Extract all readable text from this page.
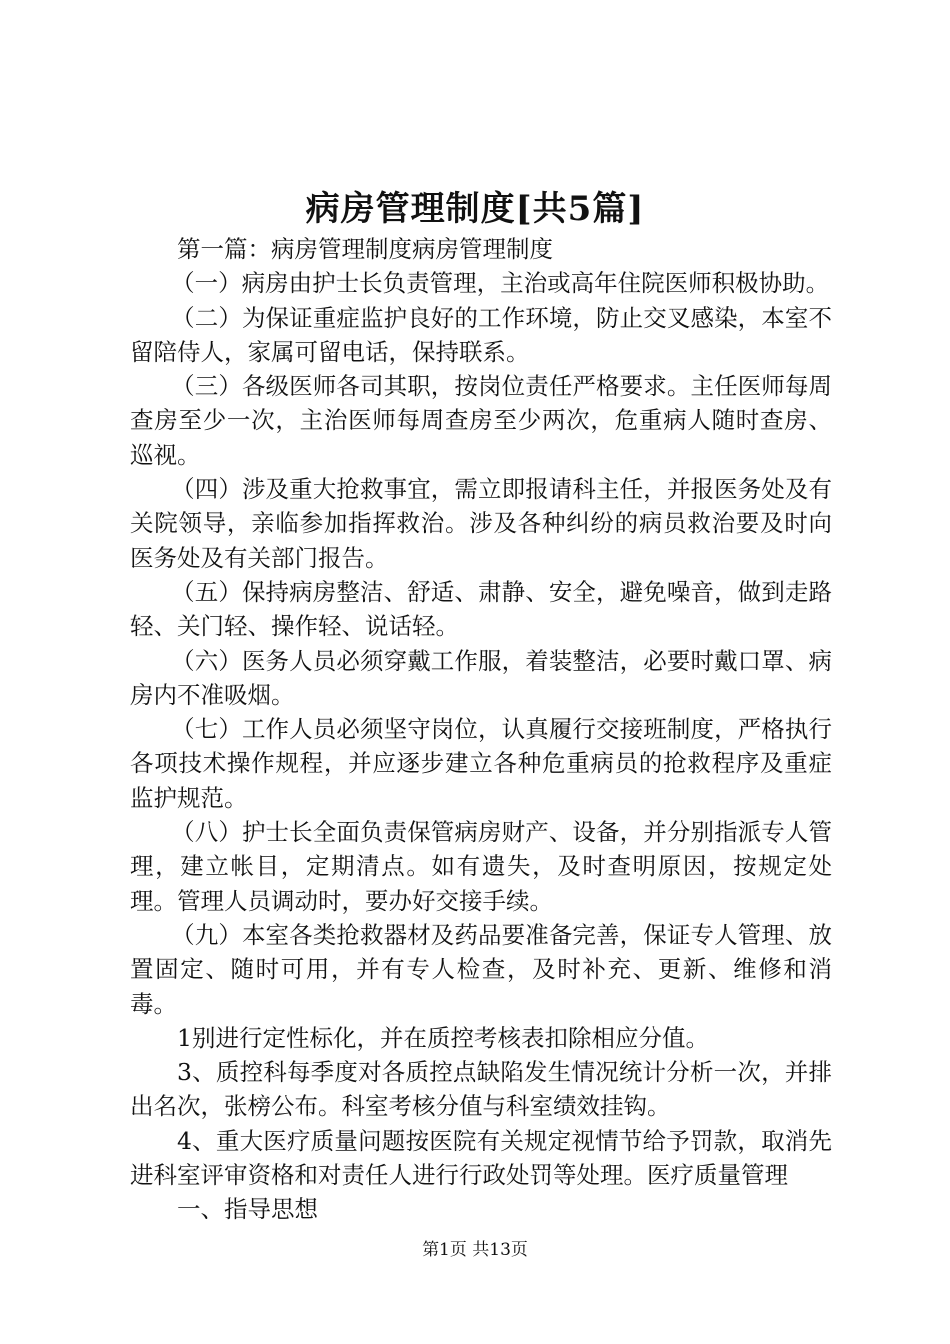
病房管理制度[共5篇]

第一篇：病房管理制度病房管理制度

（一）病房由护士长负责管理，主治或高年住院医师积极协助。

（二）为保证重症监护良好的工作环境，防止交叉感染，本室不留陪侍人，家属可留电话，保持联系。

（三）各级医师各司其职，按岗位责任严格要求。主任医师每周查房至少一次，主治医师每周查房至少两次，危重病人随时查房、巡视。

（四）涉及重大抢救事宜，需立即报请科主任，并报医务处及有关院领导，亲临参加指挥救治。涉及各种纠纷的病员救治要及时向医务处及有关部门报告。

（五）保持病房整洁、舒适、肃静、安全，避免噪音，做到走路轻、关门轻、操作轻、说话轻。

（六）医务人员必须穿戴工作服，着装整洁，必要时戴口罩、病房内不准吸烟。

（七）工作人员必须坚守岗位，认真履行交接班制度，严格执行各项技术操作规程，并应逐步建立各种危重病员的抢救程序及重症监护规范。

（八）护士长全面负责保管病房财产、设备，并分别指派专人管理，建立帐目，定期清点。如有遗失，及时查明原因，按规定处理。管理人员调动时，要办好交接手续。

（九）本室各类抢救器材及药品要准备完善，保证专人管理、放置固定、随时可用，并有专人检查，及时补充、更新、维修和消毒。

1别进行定性标化，并在质控考核表扣除相应分值。

3、质控科每季度对各质控点缺陷发生情况统计分析一次，并排出名次，张榜公布。科室考核分值与科室绩效挂钩。

4、重大医疗质量问题按医院有关规定视情节给予罚款，取消先进科室评审资格和对责任人进行行政处罚等处理。医疗质量管理

一、指导思想

第1页 共13页
